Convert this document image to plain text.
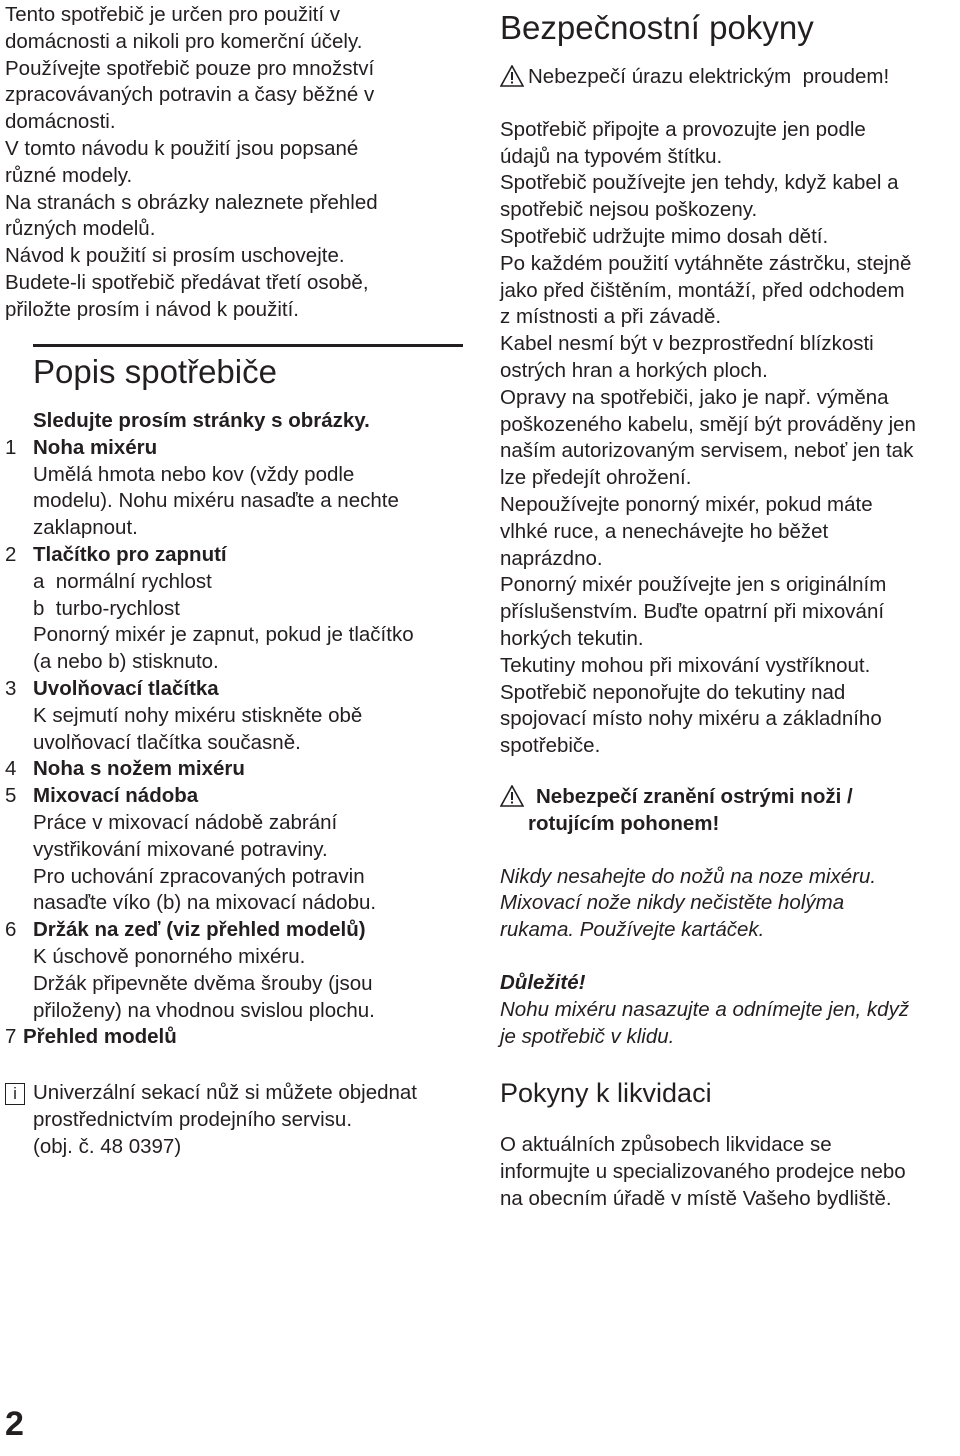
Tento spotřebič je určen pro použití v

domácnosti a nikoli pro komerční účely.

Používejte spotřebič pouze pro množství

zpracovávaných potravin a časy běžné v

domácnosti.

V tomto návodu k použití jsou popsané

různé modely.

Na stranách s obrázky naleznete přehled

různých modelů.

Návod k použití si prosím uschovejte.

Budete-li spotřebič předávat třetí osobě,

přiložte prosím i návod k použití.

Popis spotřebiče

Sledujte prosím stránky s obrázky.

1 Noha mixéru

Umělá hmota nebo kov (vždy podle

modelu). Nohu mixéru nasaďte a nechte

zaklapnout.

2 Tlačítko pro zapnutí

a  normální rychlost

b  turbo-rychlost

Ponorný mixér je zapnut, pokud je tlačítko

(a nebo b) stisknuto.

3 Uvolňovací tlačítka

K sejmutí nohy mixéru stiskněte obě

uvolňovací tlačítka současně.

4 Noha s nožem mixéru

5 Mixovací nádoba

Práce v mixovací nádobě zabrání

vystřikování mixované potraviny.

Pro uchování zpracovaných potravin

nasaďte víko (b) na mixovací nádobu.

6 Držák na zeď (viz přehled modelů)

K úschově ponorného mixéru.

Držák připevněte dvěma šrouby (jsou

přiloženy) na vhodnou svislou plochu.

7 Přehled modelů

i Univerzální sekací nůž si můžete objednat

prostřednictvím prodejního servisu.

(obj. č. 48 0397)

2
Bezpečnostní pokyny

Nebezpečí úrazu elektrickým  proudem!

Spotřebič připojte a provozujte jen podle

údajů na typovém štítku.

Spotřebič používejte jen tehdy, když kabel a

spotřebič nejsou poškozeny.

Spotřebič udržujte mimo dosah dětí.

Po každém použití vytáhněte zástrčku, stejně

jako před čištěním, montáží, před odchodem

z místnosti a při závadě.

Kabel nesmí být v bezprostřední blízkosti

ostrých hran a horkých ploch.

Opravy na spotřebiči, jako je např. výměna

poškozeného kabelu, smějí být prováděny jen

naším autorizovaným servisem, neboť jen tak

lze předejít ohrožení.

Nepoužívejte ponorný mixér, pokud máte

vlhké ruce, a nenechávejte ho běžet

naprázdno.

Ponorný mixér používejte jen s originálním

příslušenstvím. Buďte opatrní při mixování

horkých tekutin.

Tekutiny mohou při mixování vystříknout.

Spotřebič neponořujte do tekutiny nad

spojovací místo nohy mixéru a základního

spotřebiče.

Nebezpečí zranění ostrými noži /

rotujícím pohonem!

Nikdy nesahejte do nožů na noze mixéru.

Mixovací nože nikdy nečistěte holýma

rukama. Používejte kartáček.

Důležité!

Nohu mixéru nasazujte a odnímejte jen, když

je spotřebič v klidu.

Pokyny k likvidaci

O aktuálních způsobech likvidace se

informujte u specializovaného prodejce nebo

na obecním úřadě v místě Vašeho bydliště.
